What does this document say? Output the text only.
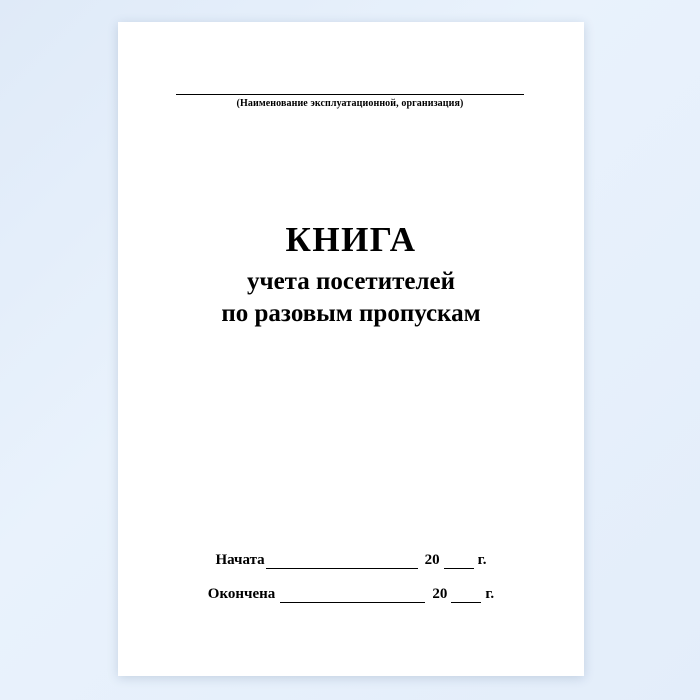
(Наименование эксплуатационной, организация)
КНИГА
учета посетителей
по разовым пропускам
Начата	20	г.
Окончена	20	г.
